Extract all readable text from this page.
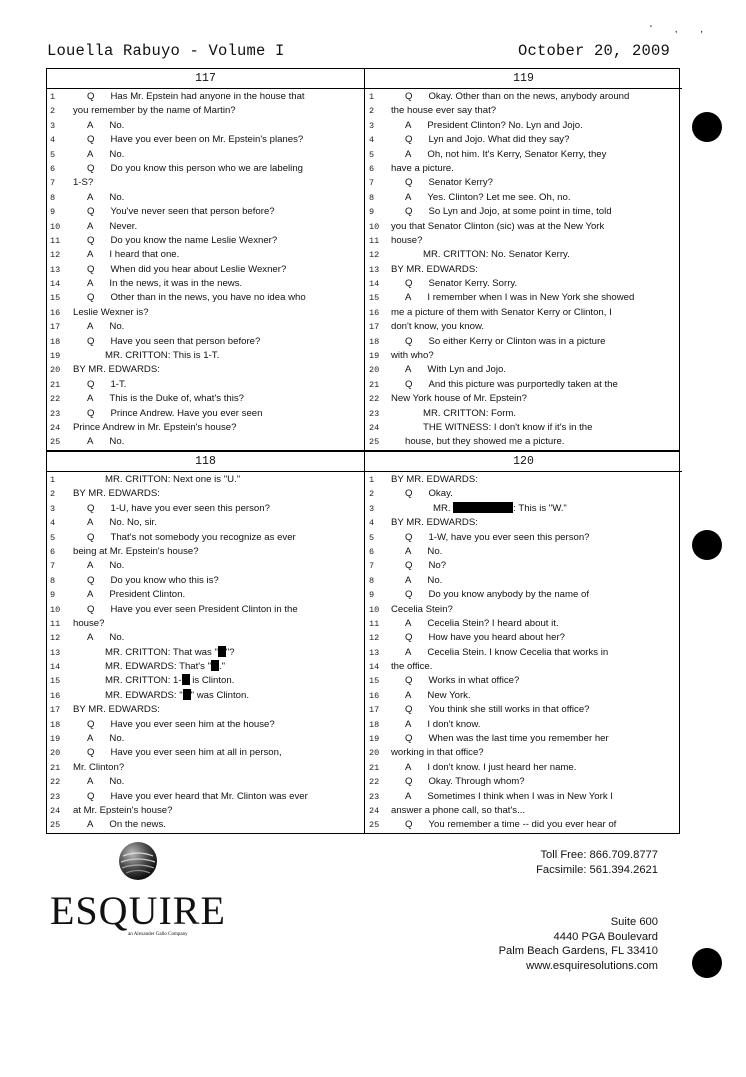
' , ,
Louella Rabuyo - Volume I	October 20, 2009
117
1	Q Has Mr. Epstein had anyone in the house that
2	you remember by the name of Martin?
3	A No.
4	Q Have you ever been on Mr. Epstein's planes?
5	A No.
6	Q Do you know this person who we are labeling
7	1-S?
8	A No.
9	Q You've never seen that person before?
10	A Never.
11	Q Do you know the name Leslie Wexner?
12	A I heard that one.
13	Q When did you hear about Leslie Wexner?
14	A In the news, it was in the news.
15	Q Other than in the news, you have no idea who
16	Leslie Wexner is?
17	A No.
18	Q Have you seen that person before?
19	MR. CRITTON: This is 1-T.
20	BY MR. EDWARDS:
21	Q 1-T.
22	A This is the Duke of, what's this?
23	Q Prince Andrew. Have you ever seen
24	Prince Andrew in Mr. Epstein's house?
25	A No.
119
1	Q Okay. Other than on the news, anybody around
2	the house ever say that?
3	A President Clinton? No. Lyn and Jojo.
4	Q Lyn and Jojo. What did they say?
5	A Oh, not him. It's Kerry, Senator Kerry, they
6	have a picture.
7	Q Senator Kerry?
8	A Yes. Clinton? Let me see. Oh, no.
9	Q So Lyn and Jojo, at some point in time, told
10	you that Senator Clinton (sic) was at the New York
11	house?
12	MR. CRITTON: No. Senator Kerry.
13	BY MR. EDWARDS:
14	Q Senator Kerry. Sorry.
15	A I remember when I was in New York she showed
16	me a picture of them with Senator Kerry or Clinton, I
17	don't know, you know.
18	Q So either Kerry or Clinton was in a picture
19	with who?
20	A With Lyn and Jojo.
21	Q And this picture was purportedly taken at the
22	New York house of Mr. Epstein?
23	MR. CRITTON: Form.
24	THE WITNESS: I don't know if it's in the
25	house, but they showed me a picture.
118
1	MR. CRITTON: Next one is "U."
2	BY MR. EDWARDS:
3	Q 1-U, have you ever seen this person?
4	A No. No, sir.
5	Q That's not somebody you recognize as ever
6	being at Mr. Epstein's house?
7	A No.
8	Q Do you know who this is?
9	A President Clinton.
10	Q Have you ever seen President Clinton in the
11	house?
12	A No.
13	MR. CRITTON: That was " "?
14	MR. EDWARDS: That's " ."
15	MR. CRITTON: 1- is Clinton.
16	MR. EDWARDS: " " was Clinton.
17	BY MR. EDWARDS:
18	Q Have you ever seen him at the house?
19	A No.
20	Q Have you ever seen him at all in person,
21	Mr. Clinton?
22	A No.
23	Q Have you ever heard that Mr. Clinton was ever
24	at Mr. Epstein's house?
25	A On the news.
120
1	BY MR. EDWARDS:
2	Q Okay.
3	MR.	: This is "W."
4	BY MR. EDWARDS:
5	Q 1-W, have you ever seen this person?
6	A No.
7	Q No?
8	A No.
9	Q Do you know anybody by the name of
10	Cecelia Stein?
11	A Cecelia Stein? I heard about it.
12	Q How have you heard about her?
13	A Cecelia Stein. I know Cecelia that works in
14	the office.
15	Q Works in what office?
16	A New York.
17	Q You think she still works in that office?
18	A I don't know.
19	Q When was the last time you remember her
20	working in that office?
21	A I don't know. I just heard her name.
22	Q Okay. Through whom?
23	A Sometimes I think when I was in New York I
24	answer a phone call, so that's...
25	Q You remember a time -- did you ever hear of
ESQUIRE
an Alexander Gallo Company
Toll Free: 866.709.8777
Facsimile: 561.394.2621
Suite 600
4440 PGA Boulevard
Palm Beach Gardens, FL 33410
www.esquiresolutions.com
